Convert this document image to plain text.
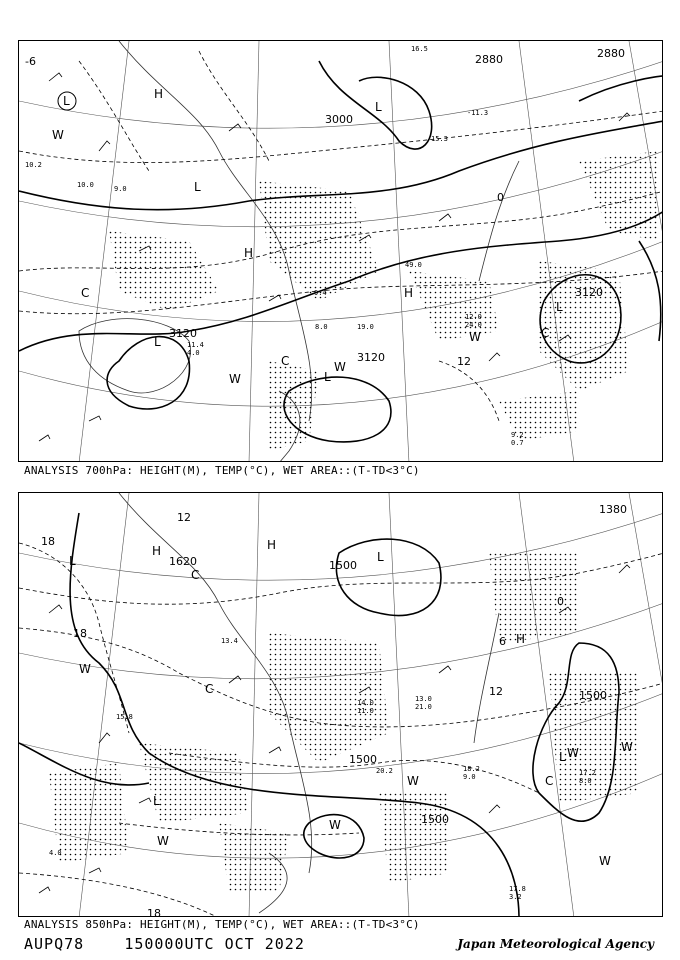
2880
3000
3120
3120
3120
2880
-6
0
12
L
L
L
L
L
L
H
H
H
W
W
W
W
C
C
C
16.5
10.0	9.0
12.0
24.0
8.0
15.3
49.0
-11.3
9.2
0.7
10.2
11.4
4.0
19.0
9.4
ANALYSIS 700hPa: HEIGHT(M), TEMP(°C), WET AREA::(T-TD<3°C)
1500
1500
1500
1500
1380
1620
18
18
18
12
12
0
6
L	L
L
L
H	H
H
W
W
W
W
W	W
W
C
C
C
13.0
21.0
18.2
9.0	17.2
8.0
17.8
3.2
20.2
15.8
14.0
11.0
4.0
13.4
ANALYSIS 850hPa: HEIGHT(M), TEMP(°C), WET AREA::(T-TD<3°C)
AUPQ78	150000UTC OCT 2022	Japan Meteorological Agency
